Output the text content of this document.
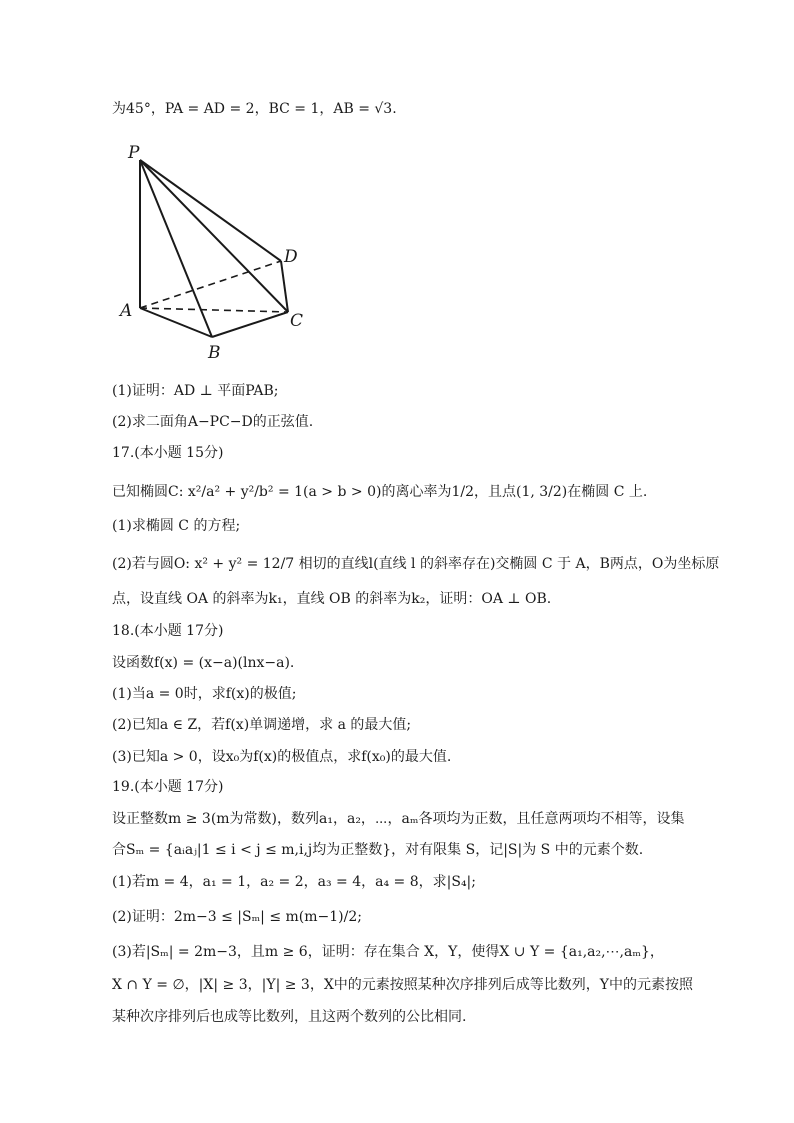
为45°，PA = AD = 2，BC = 1，AB = √3.
P
A
B
C
D
(1)证明：AD ⊥ 平面PAB;
(2)求二面角A−PC−D的正弦值.
17.(本小题 15分)
已知椭圆C: x²/a² + y²/b² = 1(a > b > 0)的离心率为1/2，且点(1, 3/2)在椭圆 C 上.
(1)求椭圆 C 的方程;
(2)若与圆O: x² + y² = 12/7 相切的直线l(直线 l 的斜率存在)交椭圆 C 于 A，B两点，O为坐标原
点，设直线 OA 的斜率为k₁，直线 OB 的斜率为k₂，证明：OA ⊥ OB.
18.(本小题 17分)
设函数f(x) = (x−a)(lnx−a).
(1)当a = 0时，求f(x)的极值;
(2)已知a ∈ Z，若f(x)单调递增，求 a 的最大值;
(3)已知a > 0，设x₀为f(x)的极值点，求f(x₀)的最大值.
19.(本小题 17分)
设正整数m ≥ 3(m为常数)，数列a₁，a₂，⋯，aₘ各项均为正数，且任意两项均不相等，设集
合Sₘ = {aᵢaⱼ|1 ≤ i < j ≤ m,i,j均为正整数}，对有限集 S，记|S|为 S 中的元素个数.
(1)若m = 4，a₁ = 1，a₂ = 2，a₃ = 4，a₄ = 8，求|S₄|;
(2)证明：2m−3 ≤ |Sₘ| ≤ m(m−1)/2;
(3)若|Sₘ| = 2m−3，且m ≥ 6，证明：存在集合 X，Y，使得X ∪ Y = {a₁,a₂,⋯,aₘ}，
X ∩ Y = ∅，|X| ≥ 3，|Y| ≥ 3，X中的元素按照某种次序排列后成等比数列，Y中的元素按照
某种次序排列后也成等比数列，且这两个数列的公比相同.
